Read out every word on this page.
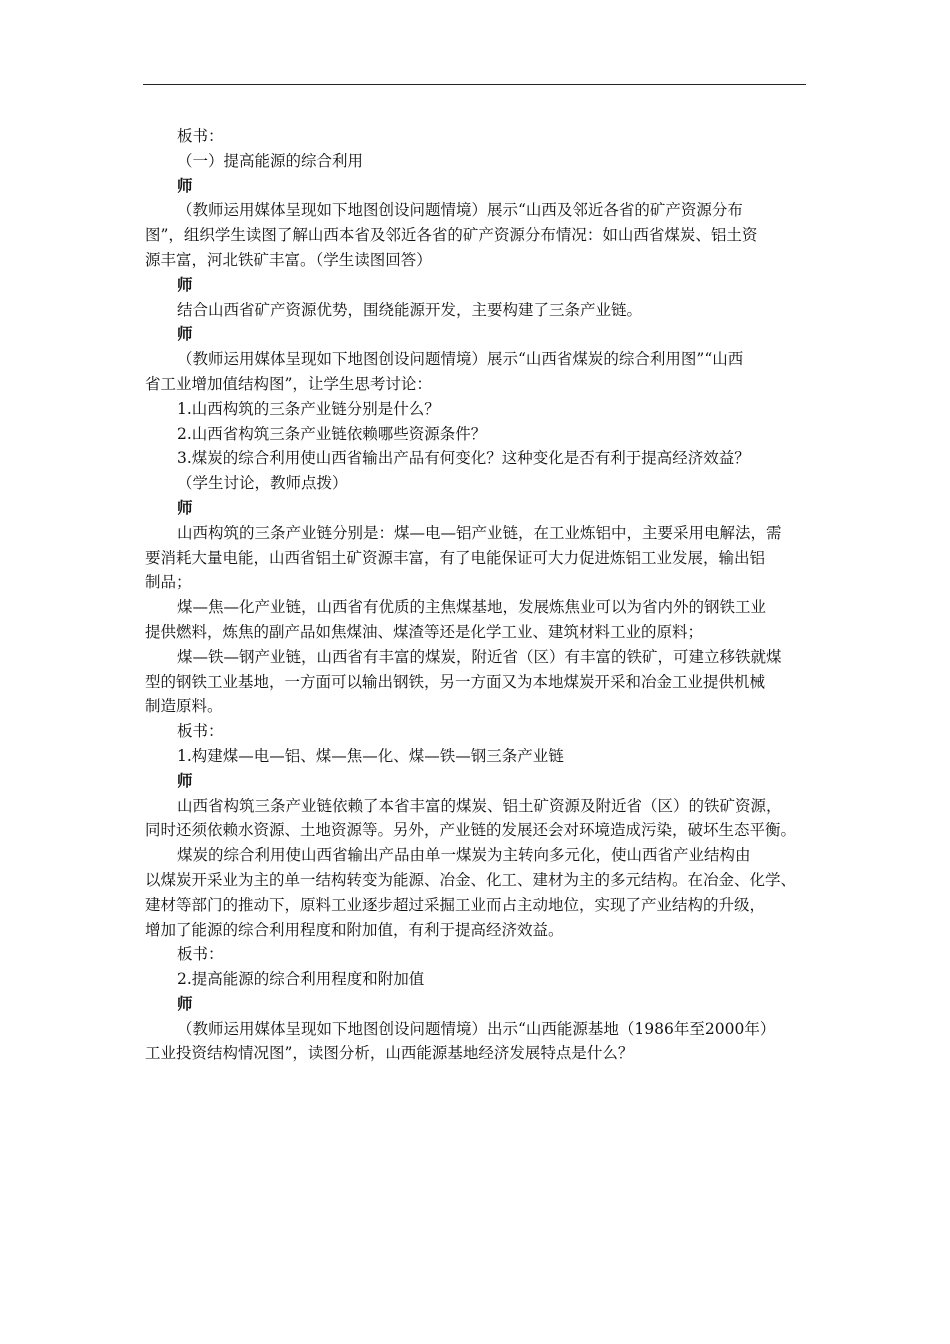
板书：
（一）提高能源的综合利用
师
（教师运用媒体呈现如下地图创设问题情境）展示“山西及邻近各省的矿产资源分布
图”，组织学生读图了解山西本省及邻近各省的矿产资源分布情况：如山西省煤炭、铝土资
源丰富，河北铁矿丰富。（学生读图回答）
师
结合山西省矿产资源优势，围绕能源开发，主要构建了三条产业链。
师
（教师运用媒体呈现如下地图创设问题情境）展示“山西省煤炭的综合利用图”“山西
省工业增加值结构图”，让学生思考讨论：
1.山西构筑的三条产业链分别是什么？
2.山西省构筑三条产业链依赖哪些资源条件？
3.煤炭的综合利用使山西省输出产品有何变化？这种变化是否有利于提高经济效益？
（学生讨论，教师点拨）
师
山西构筑的三条产业链分别是：煤—电—铝产业链，在工业炼铝中，主要采用电解法，需
要消耗大量电能，山西省铝土矿资源丰富，有了电能保证可大力促进炼铝工业发展，输出铝
制品；
煤—焦—化产业链，山西省有优质的主焦煤基地，发展炼焦业可以为省内外的钢铁工业
提供燃料，炼焦的副产品如焦煤油、煤渣等还是化学工业、建筑材料工业的原料；
煤—铁—钢产业链，山西省有丰富的煤炭，附近省（区）有丰富的铁矿，可建立移铁就煤
型的钢铁工业基地，一方面可以输出钢铁，另一方面又为本地煤炭开采和冶金工业提供机械
制造原料。
板书：
1.构建煤—电—铝、煤—焦—化、煤—铁—钢三条产业链
师
山西省构筑三条产业链依赖了本省丰富的煤炭、铝土矿资源及附近省（区）的铁矿资源，
同时还须依赖水资源、土地资源等。另外，产业链的发展还会对环境造成污染，破坏生态平衡。
煤炭的综合利用使山西省输出产品由单一煤炭为主转向多元化，使山西省产业结构由
以煤炭开采业为主的单一结构转变为能源、冶金、化工、建材为主的多元结构。在冶金、化学、
建材等部门的推动下，原料工业逐步超过采掘工业而占主动地位，实现了产业结构的升级，
增加了能源的综合利用程度和附加值，有利于提高经济效益。
板书：
2.提高能源的综合利用程度和附加值
师
（教师运用媒体呈现如下地图创设问题情境）出示“山西能源基地（1986年至2000年）
工业投资结构情况图”，读图分析，山西能源基地经济发展特点是什么？
